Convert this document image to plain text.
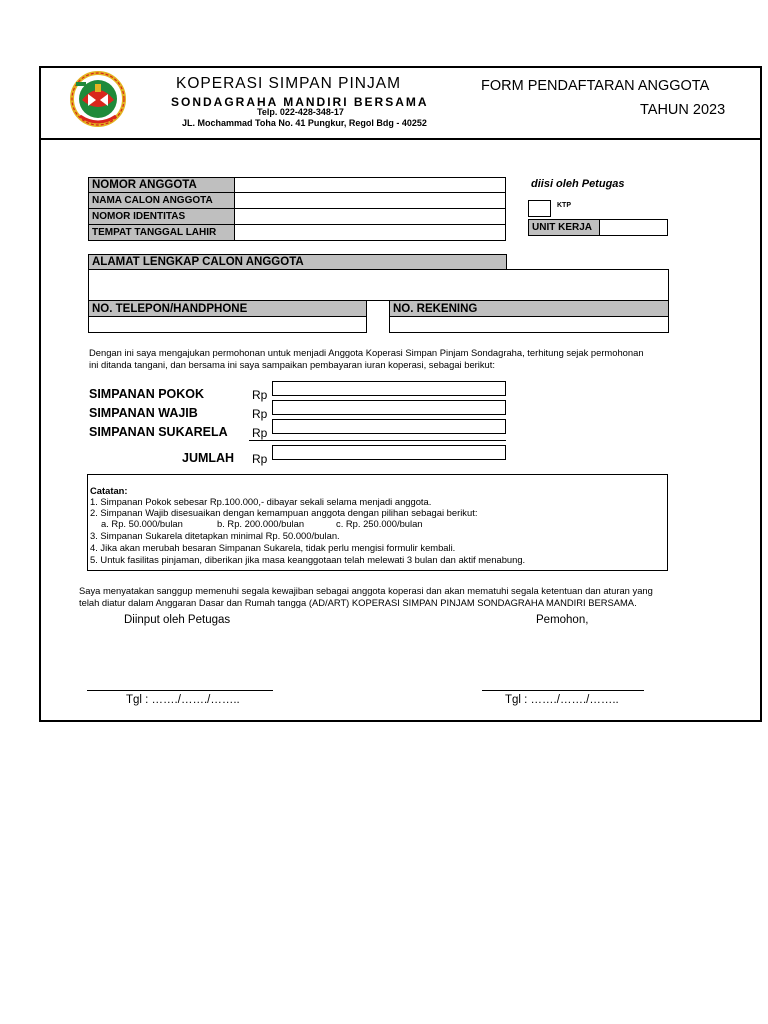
KOPERASI SIMPAN PINJAM
SONDAGRAHA MANDIRI BERSAMA
Telp. 022-428-348-17
JL. Mochammad Toha No. 41 Pungkur, Regol Bdg - 40252
FORM PENDAFTARAN ANGGOTA
TAHUN 2023
NOMOR ANGGOTA
NAMA CALON ANGGOTA
NOMOR IDENTITAS
TEMPAT TANGGAL LAHIR
diisi oleh Petugas
KTP
UNIT KERJA
ALAMAT LENGKAP CALON ANGGOTA
NO. TELEPON/HANDPHONE	NO. REKENING
Dengan ini saya mengajukan permohonan untuk menjadi Anggota Koperasi Simpan Pinjam Sondagraha, terhitung sejak permohonan
ini ditanda tangani, dan bersama ini saya sampaikan pembayaran iuran koperasi, sebagai berikut:
SIMPANAN POKOK	Rp
SIMPANAN WAJIB	Rp
SIMPANAN SUKARELA Rp
JUMLAH Rp
Catatan:
1. Simpanan Pokok sebesar Rp.100.000,- dibayar sekali selama menjadi anggota.
2. Simpanan Wajib disesuaikan dengan kemampuan anggota dengan pilihan sebagai berikut:
a. Rp. 50.000/bulan	b. Rp. 200.000/bulan	c. Rp. 250.000/bulan
3. Simpanan Sukarela ditetapkan minimal Rp. 50.000/bulan.
4. Jika akan merubah besaran Simpanan Sukarela, tidak perlu mengisi formulir kembali.
5. Untuk fasilitas pinjaman, diberikan jika masa keanggotaan telah melewati 3 bulan dan aktif menabung.
Saya menyatakan sanggup memenuhi segala kewajiban sebagai anggota koperasi dan akan mematuhi segala ketentuan dan aturan yang
telah diatur dalam Anggaran Dasar dan Rumah tangga (AD/ART) KOPERASI SIMPAN PINJAM SONDAGRAHA MANDIRI BERSAMA.
Diinput oleh Petugas	Pemohon,
Tgl : ……./……./……..	Tgl : ……./……./……..
